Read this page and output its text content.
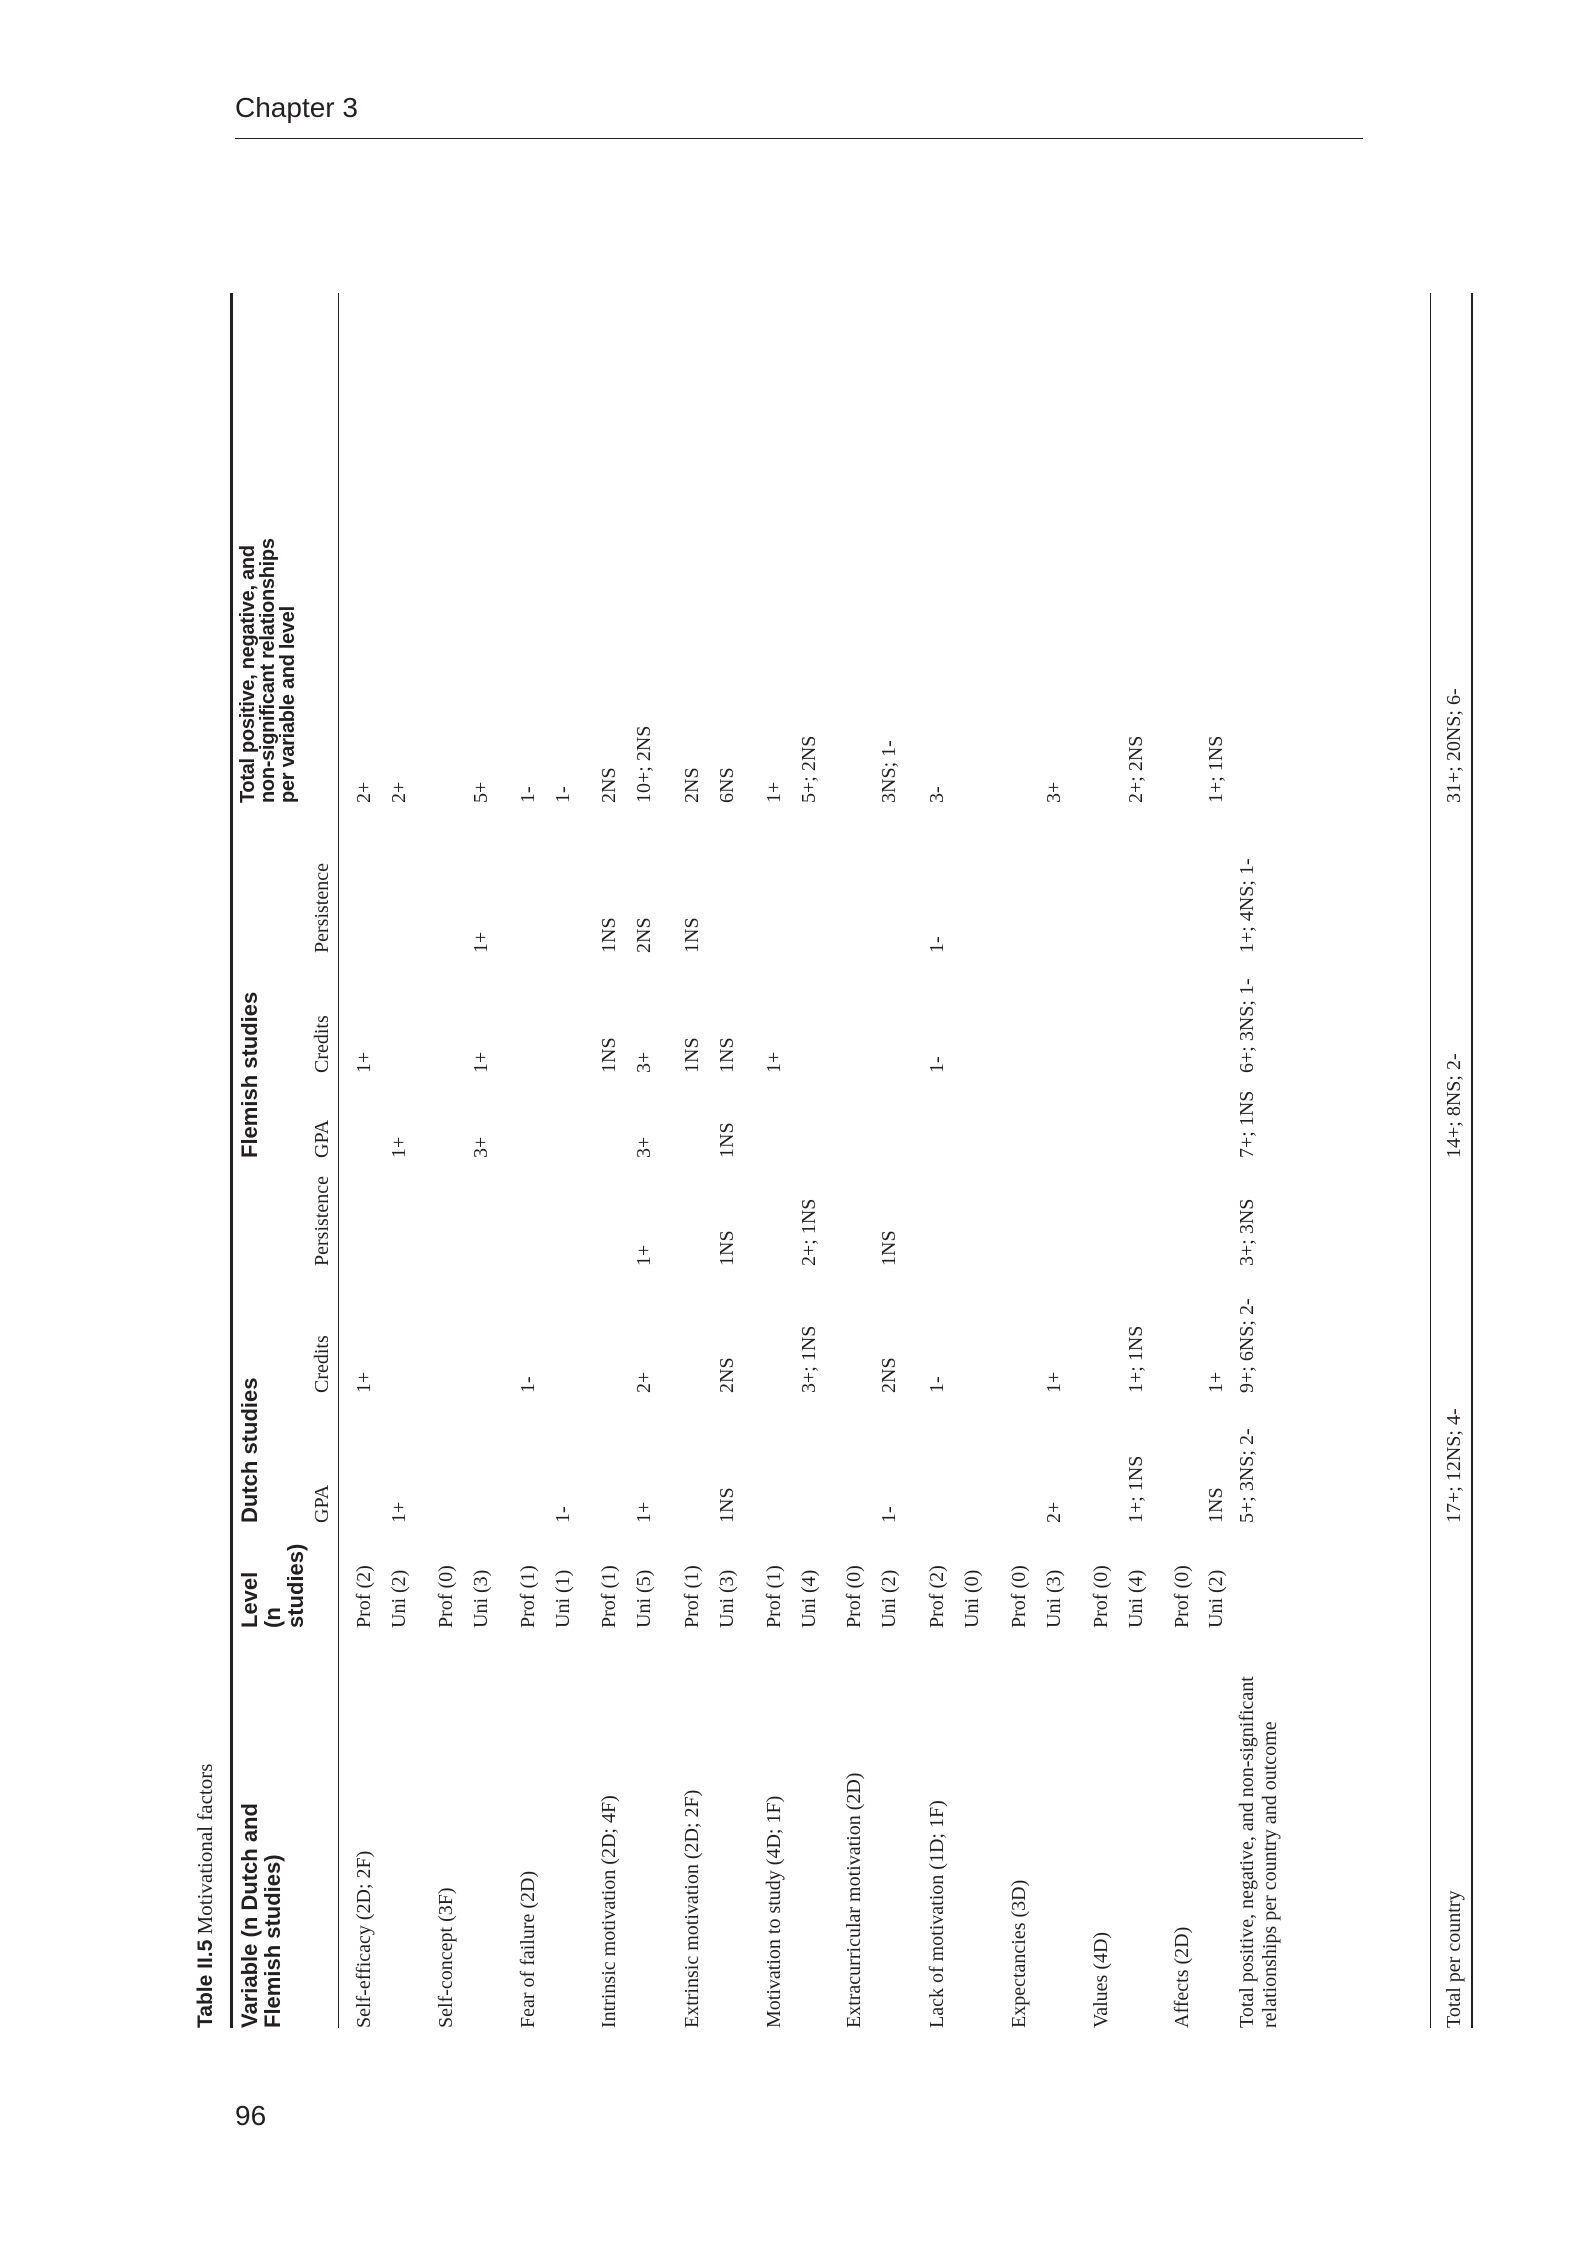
Chapter 3
Table II.5 Motivational factors Variable (n Dutch and Flemish studies)
Level (n studies)
Dutch studies
Flemish studies
Total positive, negative, and non-significant relationships per variable and level
GPA
GPA
Credits
Credits
Persistence
Persistence
Self-efficacy (2D; 2F)
Prof (2)
1+
1+
2+
Uni (2)
1+
1+
2+
Self-concept (3F)
Prof (0) Uni (3)
3+
1+
1+
5+
Fear of failure (2D)
Prof (1)
1-
1-
Uni (1)
1-
1-
Intrinsic motivation (2D; 4F)
Prof (1)
1NS
1NS
2NS
Uni (5)
1+
2+
1+
3+
3+
2NS
10+; 2NS
Extrinsic motivation (2D; 2F)
Prof (1)
1NS
1NS
2NS
Uni (3)
1NS
2NS
1NS
1NS
1NS
6NS
Motivation to study (4D; 1F)
Prof (1)
1+
1+
Uni (4)
3+; 1NS
2+; 1NS
5+; 2NS
Extracurricular motivation (2D)
Prof (0) Uni (2)
1-
2NS
1NS
3NS; 1-
Lack of motivation (1D; 1F)
Prof (2)
1-
1-
1-
3-
Uni (0)
Expectancies (3D)
Prof (0) Uni (3)
2+
1+
3+
Values (4D)
Prof (0) Uni (4)
1+; 1NS
1+; 1NS
2+; 2NS
Affects (2D)
Prof (0) Uni (2)
1NS
1+
1+; 1NS
Total positive, negative, and non-significant relationships per country and outcome
5+; 3NS; 2-
9+; 6NS; 2-
3+; 3NS
7+; 1NS
6+; 3NS; 1-
1+; 4NS; 1-
Total per country
17+; 12NS; 4-
14+; 8NS; 2-
31+; 20NS; 6-
96
